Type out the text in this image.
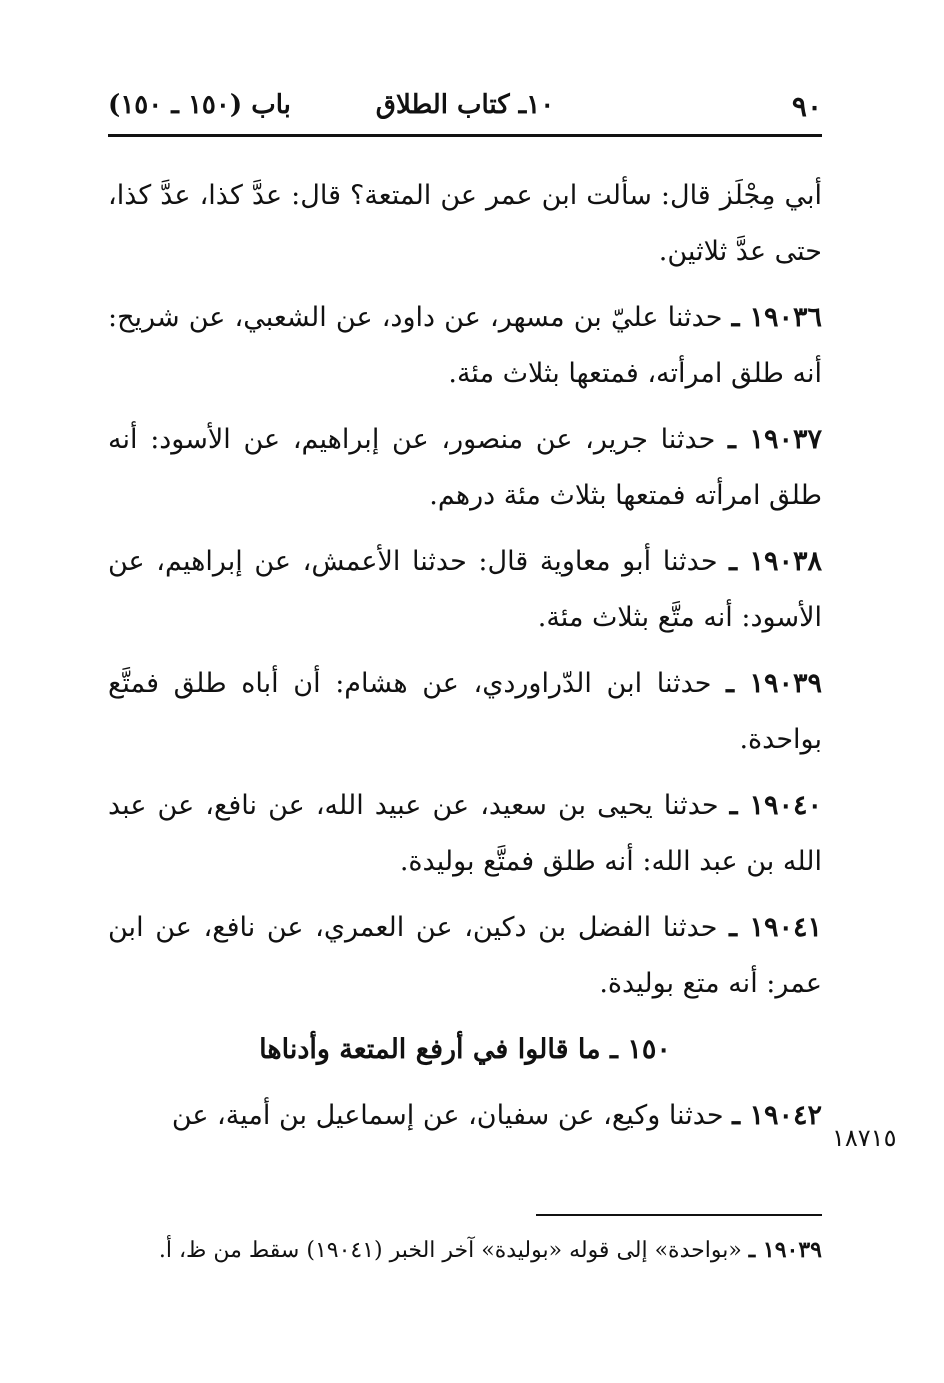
٩٠
١٠ـ كتاب الطلاق
باب (١٥٠ ـ ١٥٠)

أبي مِجْلَز قال: سألت ابن عمر عن المتعة؟ قال: عدَّ كذا، عدَّ كذا، حتى عدَّ ثلاثين.

١٩٠٣٦ ـ حدثنا عليّ بن مسهر، عن داود، عن الشعبي، عن شريح: أنه طلق امرأته، فمتعها بثلاث مئة.

١٩٠٣٧ ـ حدثنا جرير، عن منصور، عن إبراهيم، عن الأسود: أنه طلق امرأته فمتعها بثلاث مئة درهم.

١٩٠٣٨ ـ حدثنا أبو معاوية قال: حدثنا الأعمش، عن إبراهيم، عن الأسود: أنه متَّع بثلاث مئة.

١٩٠٣٩ ـ حدثنا ابن الدّراوردي، عن هشام: أن أباه طلق فمتَّع بواحدة.

١٩٠٤٠ ـ حدثنا يحيى بن سعيد، عن عبيد الله، عن نافع، عن عبد الله بن عبد الله: أنه طلق فمتَّع بوليدة.

١٩٠٤١ ـ حدثنا الفضل بن دكين، عن العمري، عن نافع، عن ابن عمر: أنه متع بوليدة.

١٥٠ ـ ما قالوا في أرفع المتعة وأدناها

١٩٠٤٢ ـ حدثنا وكيع، عن سفيان، عن إسماعيل بن أمية، عن

١٨٧١٥
١٩٠٣٩ ـ «بواحدة» إلى قوله «بوليدة» آخر الخبر (١٩٠٤١) سقط من ظ، أ.
